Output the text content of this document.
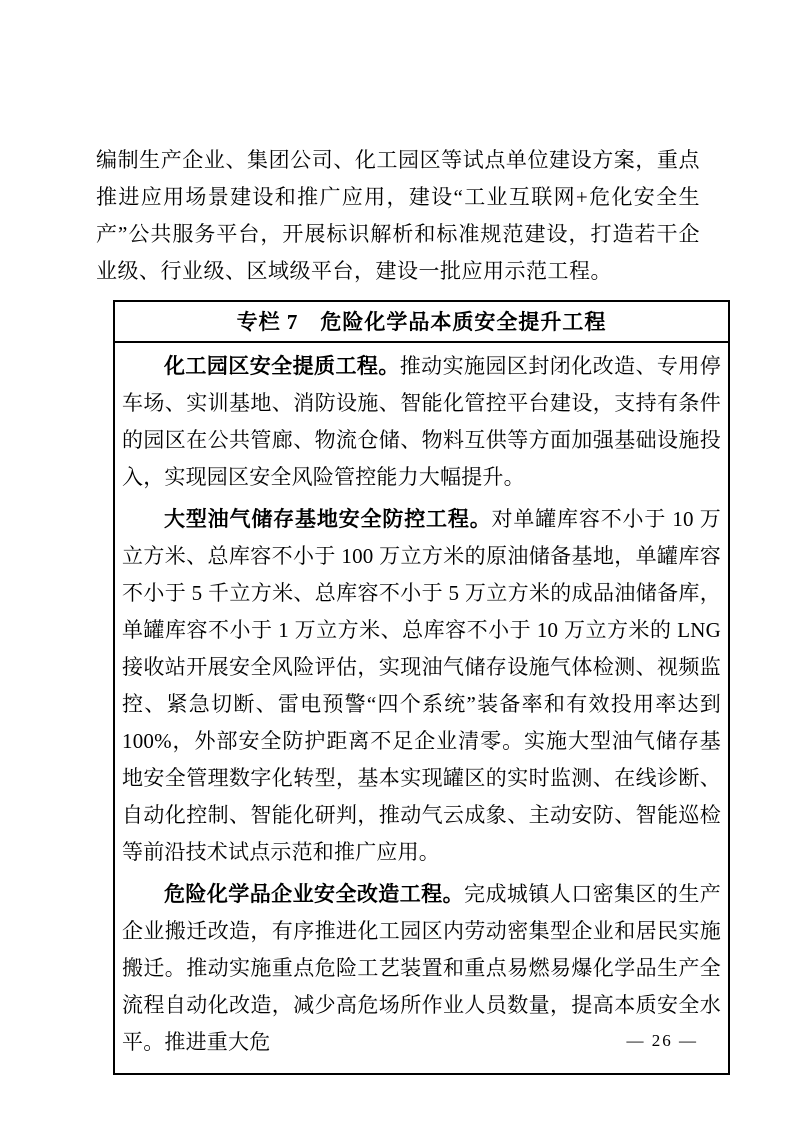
编制生产企业、集团公司、化工园区等试点单位建设方案，重点推进应用场景建设和推广应用，建设“工业互联网+危化安全生产”公共服务平台，开展标识解析和标准规范建设，打造若干企业级、行业级、区域级平台，建设一批应用示范工程。

专栏 7　危险化学品本质安全提升工程

化工园区安全提质工程。推动实施园区封闭化改造、专用停车场、实训基地、消防设施、智能化管控平台建设，支持有条件的园区在公共管廊、物流仓储、物料互供等方面加强基础设施投入，实现园区安全风险管控能力大幅提升。

大型油气储存基地安全防控工程。对单罐库容不小于 10 万立方米、总库容不小于 100 万立方米的原油储备基地，单罐库容不小于 5 千立方米、总库容不小于 5 万立方米的成品油储备库，单罐库容不小于 1 万立方米、总库容不小于 10 万立方米的 LNG 接收站开展安全风险评估，实现油气储存设施气体检测、视频监控、紧急切断、雷电预警“四个系统”装备率和有效投用率达到 100%，外部安全防护距离不足企业清零。实施大型油气储存基地安全管理数字化转型，基本实现罐区的实时监测、在线诊断、自动化控制、智能化研判，推动气云成象、主动安防、智能巡检等前沿技术试点示范和推广应用。

危险化学品企业安全改造工程。完成城镇人口密集区的生产企业搬迁改造，有序推进化工园区内劳动密集型企业和居民实施搬迁。推动实施重点危险工艺装置和重点易燃易爆化学品生产全流程自动化改造，减少高危场所作业人员数量，提高本质安全水平。推进重大危	— 26 —
